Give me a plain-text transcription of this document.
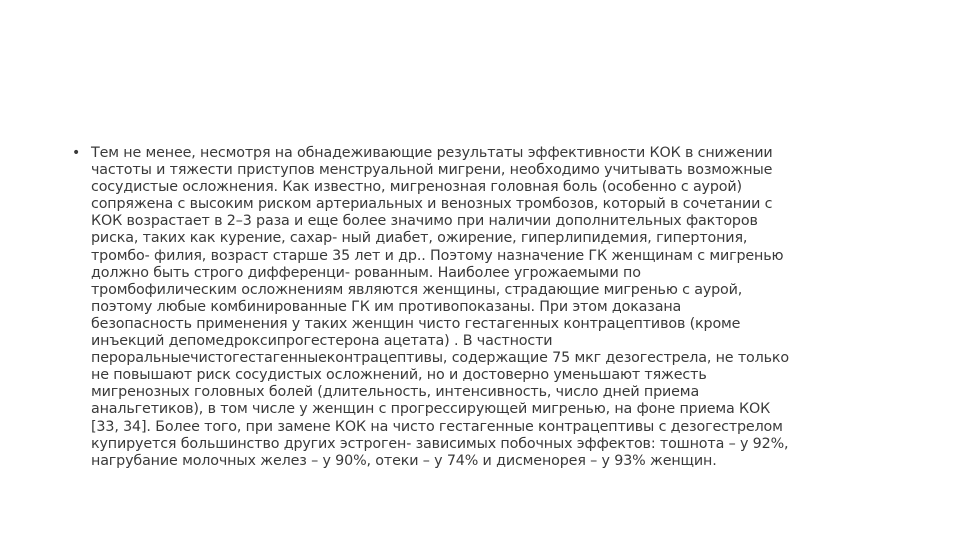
• Тем не менее, несмотря на обнадеживающие результаты эффективности КОК в снижении
частоты и тяжести приступов менструальной мигрени, необходимо учитывать возможные
сосудистые осложнения. Как известно, мигренозная головная боль (особенно с аурой)
сопряжена с высоким риском артериальных и венозных тромбозов, который в сочетании с
КОК возрастает в 2–3 раза и еще более значимо при наличии дополнительных факторов
риска, таких как курение, сахар- ный диабет, ожирение, гиперлипидемия, гипертония,
тромбо- филия, возраст старше 35 лет и др.. Поэтому назначение ГК женщинам с мигренью
должно быть строго дифференци- рованным. Наиболее угрожаемыми по
тромбофилическим осложнениям являются женщины, страдающие мигренью с аурой,
поэтому любые комбинированные ГК им противопоказаны. При этом доказана
безопасность применения у таких женщин чисто гестагенных контрацептивов (кроме
инъекций депомедроксипрогестерона ацетата) . В частности
пероральныечистогестагенныеконтрацептивы, содержащие 75 мкг дезогестрела, не только
не повышают риск сосудистых осложнений, но и достоверно уменьшают тяжесть
мигренозных головных болей (длительность, интенсивность, число дней приема
анальгетиков), в том числе у женщин с прогрессирующей мигренью, на фоне приема КОК
[33, 34]. Более того, при замене КОК на чисто гестагенные контрацептивы с дезогестрелом
купируется большинство других эстроген- зависимых побочных эффектов: тошнота – у 92%,
нагрубание молочных желез – у 90%, отеки – у 74% и дисменорея – у 93% женщин.
